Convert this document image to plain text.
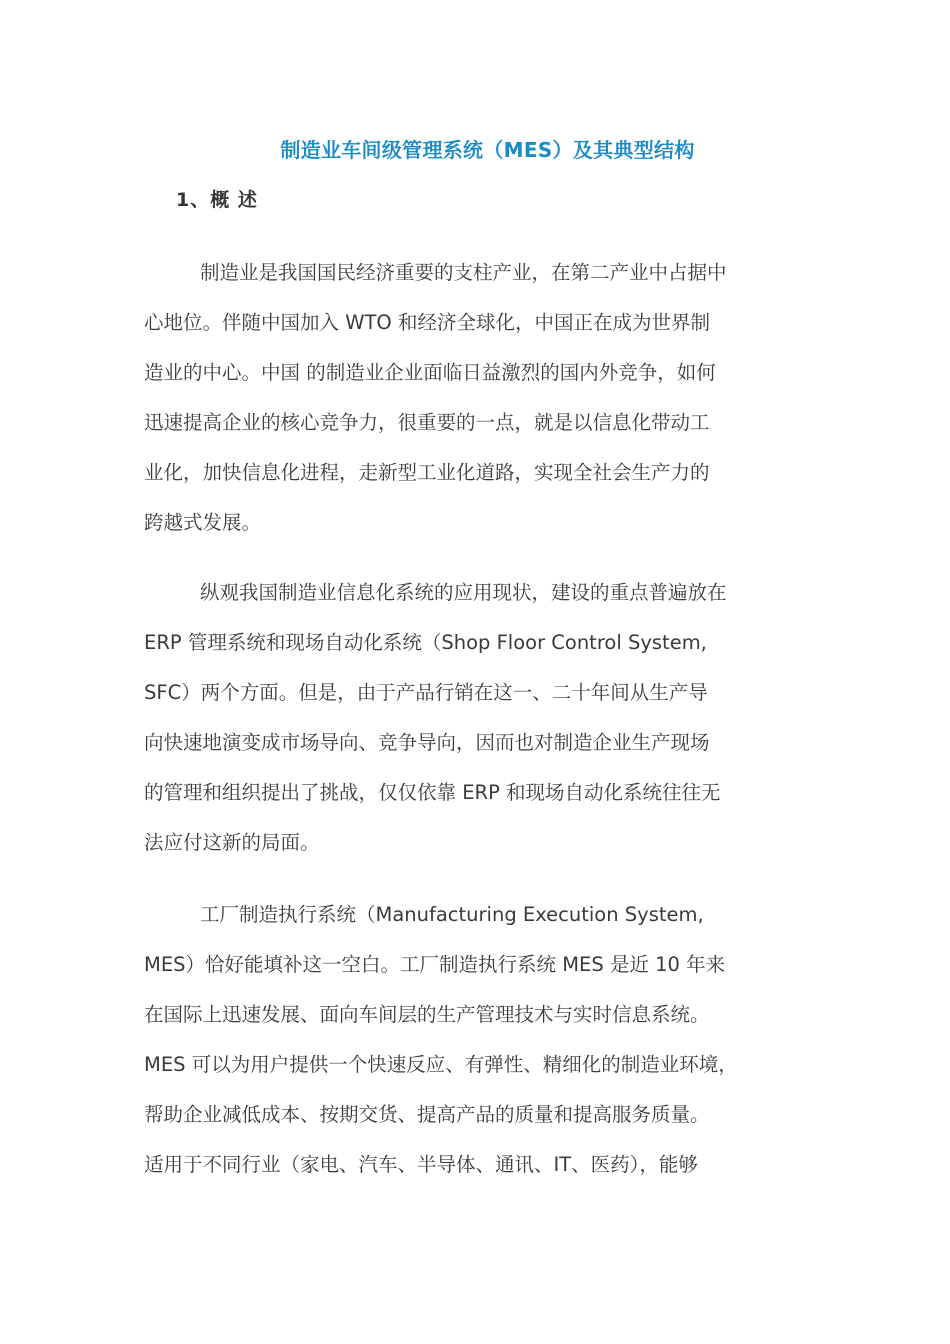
制造业车间级管理系统（MES）及其典型结构
1、概 述
制造业是我国国民经济重要的支柱产业，在第二产业中占据中
心地位。伴随中国加入 WTO 和经济全球化，中国正在成为世界制
造业的中心。中国 的制造业企业面临日益激烈的国内外竞争，如何
迅速提高企业的核心竞争力，很重要的一点，就是以信息化带动工
业化，加快信息化进程，走新型工业化道路，实现全社会生产力的
跨越式发展。
纵观我国制造业信息化系统的应用现状，建设的重点普遍放在
ERP 管理系统和现场自动化系统（Shop Floor Control System,
SFC）两个方面。但是，由于产品行销在这一、二十年间从生产导
向快速地演变成市场导向、竞争导向，因而也对制造企业生产现场
的管理和组织提出了挑战，仅仅依靠 ERP 和现场自动化系统往往无
法应付这新的局面。
工厂制造执行系统（Manufacturing Execution System,
MES）恰好能填补这一空白。工厂制造执行系统 MES 是近 10 年来
在国际上迅速发展、面向车间层的生产管理技术与实时信息系统。
MES 可以为用户提供一个快速反应、有弹性、精细化的制造业环境，
帮助企业减低成本、按期交货、提高产品的质量和提高服务质量。
适用于不同行业（家电、汽车、半导体、通讯、IT、医药），能够
